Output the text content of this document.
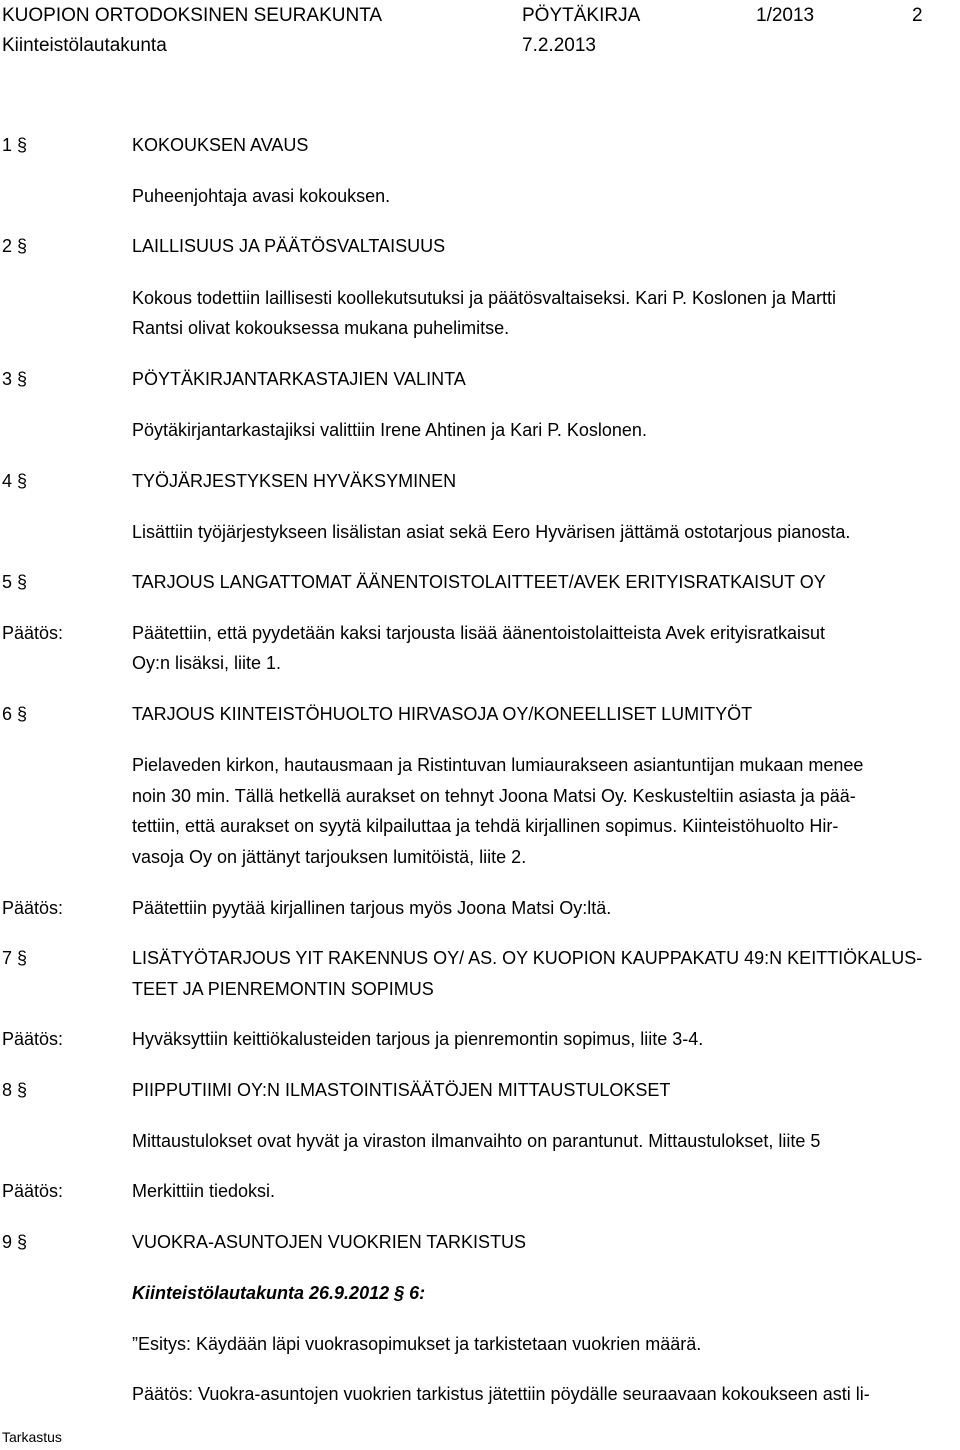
KUOPION ORTODOKSINEN SEURAKUNTA	PÖYTÄKIRJA	1/2013	2
Kiinteistölautakunta	7.2.2013
1 §	KOKOUKSEN AVAUS
Puheenjohtaja avasi kokouksen.
2 §	LAILLISUUS JA PÄÄTÖSVALTAISUUS
Kokous todettiin laillisesti koollekutsutuksi ja päätösvaltaiseksi. Kari P. Koslonen ja Martti
Rantsi olivat kokouksessa mukana puhelimitse.
3 §	PÖYTÄKIRJANTARKASTAJIEN VALINTA
Pöytäkirjantarkastajiksi valittiin Irene Ahtinen ja Kari P. Koslonen.
4 §	TYÖJÄRJESTYKSEN HYVÄKSYMINEN
Lisättiin työjärjestykseen lisälistan asiat sekä Eero Hyvärisen jättämä ostotarjous pianosta.
5 §	TARJOUS LANGATTOMAT ÄÄNENTOISTOLAITTEET/AVEK ERITYISRATKAISUT OY
Päätös:	Päätettiin, että pyydetään kaksi tarjousta lisää äänentoistolaitteista Avek erityisratkaisut
Oy:n lisäksi, liite 1.
6 §	TARJOUS KIINTEISTÖHUOLTO HIRVASOJA OY/KONEELLISET LUMITYÖT
Pielaveden kirkon, hautausmaan ja Ristintuvan lumiaurakseen asiantuntijan mukaan menee
noin 30 min. Tällä hetkellä aurakset on tehnyt Joona Matsi Oy. Keskusteltiin asiasta ja pää-
tettiin, että aurakset on syytä kilpailuttaa ja tehdä kirjallinen sopimus. Kiinteistöhuolto Hir-
vasoja Oy on jättänyt tarjouksen lumitöistä, liite 2.
Päätös:	Päätettiin pyytää kirjallinen tarjous myös Joona Matsi Oy:ltä.
7 §	LISÄTYÖTARJOUS YIT RAKENNUS OY/ AS. OY KUOPION KAUPPAKATU 49:N KEITTIÖKALUS-
TEET JA PIENREMONTIN SOPIMUS
Päätös:	Hyväksyttiin keittiökalusteiden tarjous ja pienremontin sopimus, liite 3-4.
8 §	PIIPPUTIIMI OY:N ILMASTOINTISÄÄTÖJEN MITTAUSTULOKSET
Mittaustulokset ovat hyvät ja viraston ilmanvaihto on parantunut. Mittaustulokset, liite 5
Päätös:	Merkittiin tiedoksi.
9 §	VUOKRA-ASUNTOJEN VUOKRIEN TARKISTUS
Kiinteistölautakunta 26.9.2012 § 6:
”Esitys: Käydään läpi vuokrasopimukset ja tarkistetaan vuokrien määrä.
Päätös: Vuokra-asuntojen vuokrien tarkistus jätettiin pöydälle seuraavaan kokoukseen asti li-
Tarkastus
